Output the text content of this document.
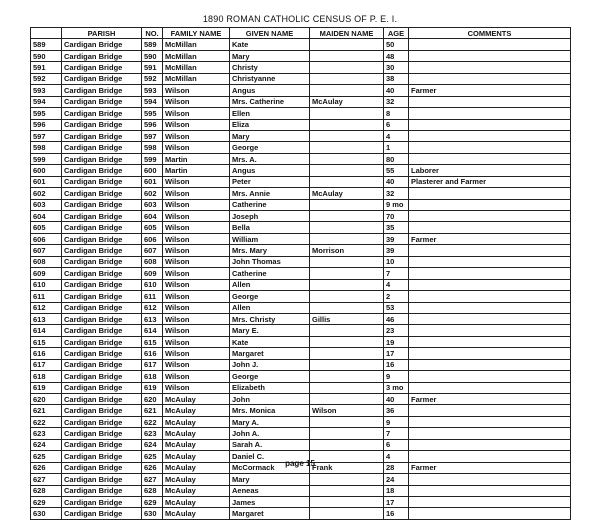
1890 ROMAN CATHOLIC CENSUS OF P. E. I.
	PARISH	NO.	FAMILY NAME	GIVEN NAME	MAIDEN NAME	AGE	COMMENTS
589	Cardigan Bridge	589	McMillan	Kate		50	
590	Cardigan Bridge	590	McMillan	Mary		48	
591	Cardigan Bridge	591	McMillan	Christy		30	
592	Cardigan Bridge	592	McMillan	Christyanne		38	
593	Cardigan Bridge	593	Wilson	Angus		40	Farmer
594	Cardigan Bridge	594	Wilson	Mrs. Catherine	McAulay	32	
595	Cardigan Bridge	595	Wilson	Ellen		8	
596	Cardigan Bridge	596	Wilson	Eliza		6	
597	Cardigan Bridge	597	Wilson	Mary		4	
598	Cardigan Bridge	598	Wilson	George		1	
599	Cardigan Bridge	599	Martin	Mrs. A.		80	
600	Cardigan Bridge	600	Martin	Angus		55	Laborer
601	Cardigan Bridge	601	Wilson	Peter		40	Plasterer and Farmer
602	Cardigan Bridge	602	Wilson	Mrs. Annie	McAulay	32	
603	Cardigan Bridge	603	Wilson	Catherine		9 mo	
604	Cardigan Bridge	604	Wilson	Joseph		70	
605	Cardigan Bridge	605	Wilson	Bella		35	
606	Cardigan Bridge	606	Wilson	William		39	Farmer
607	Cardigan Bridge	607	Wilson	Mrs. Mary	Morrison	39	
608	Cardigan Bridge	608	Wilson	John Thomas		10	
609	Cardigan Bridge	609	Wilson	Catherine		7	
610	Cardigan Bridge	610	Wilson	Allen		4	
611	Cardigan Bridge	611	Wilson	George		2	
612	Cardigan Bridge	612	Wilson	Allen		53	
613	Cardigan Bridge	613	Wilson	Mrs. Christy	Gillis	46	
614	Cardigan Bridge	614	Wilson	Mary E.		23	
615	Cardigan Bridge	615	Wilson	Kate		19	
616	Cardigan Bridge	616	Wilson	Margaret		17	
617	Cardigan Bridge	617	Wilson	John J.		16	
618	Cardigan Bridge	618	Wilson	George		9	
619	Cardigan Bridge	619	Wilson	Elizabeth		3 mo	
620	Cardigan Bridge	620	McAulay	John		40	Farmer
621	Cardigan Bridge	621	McAulay	Mrs. Monica	Wilson	36	
622	Cardigan Bridge	622	McAulay	Mary A.		9	
623	Cardigan Bridge	623	McAulay	John A.		7	
624	Cardigan Bridge	624	McAulay	Sarah A.		6	
625	Cardigan Bridge	625	McAulay	Daniel C.		4	
626	Cardigan Bridge	626	McAulay	McCormack	Frank	28	Farmer
627	Cardigan Bridge	627	McAulay	Mary		24	
628	Cardigan Bridge	628	McAulay	Aeneas		18	
629	Cardigan Bridge	629	McAulay	James		17	
630	Cardigan Bridge	630	McAulay	Margaret		16	
page 15
